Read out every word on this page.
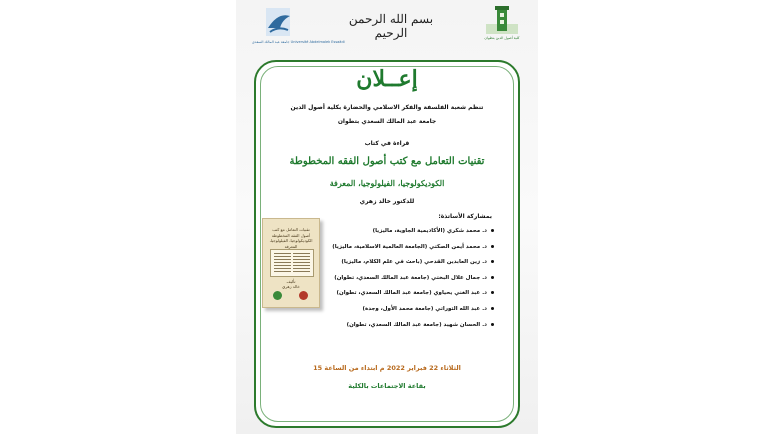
جامعة عبد المالك السعدي Université Abdelmalek Essaâdi
بسم الله الرحمن الرحيم	كلية أصول الدين بتطوان
إعــلان
تنظم شعبة الفلسفة والفكر الاسلامي والحضارة بكلية أصول الدين
جامعة عبد المالك السعدي بتطوان
قراءة في كتاب
تقنيات التعامل مع كتب أصول الفقه المخطوطة
الكوديكولوجيا، الفيلولوجيا، المعرفة
للدكتور خالد زهري
تقنيات التعامل مع كتب أصول الفقه المخطوطة
الكوديكولوجيا، الفيلولوجيا، المعرفة
تأليف
خالد زهري
بمشاركة الأساتذة:
د. محمد شكري (الأكاديمية الجاوية، ماليزيا)
د. محمد أيمن الصكتي (الجامعة العالمية الاسلامية، ماليزيا)
د. زين العابدين القدحي (باحث في علم الكلام، ماليزيا)
د. جمال علال البختي (جامعة عبد المالك السعدي، تطوان)
د. عبد الغني يحياوي (جامعة عبد المالك السعدي، تطوان)
د. عبد الله التوراتي (جامعة محمد الأول، وجدة)
د. الحسان شهيد (جامعة عبد المالك السعدي، تطوان)
الثلاثاء 22 فبراير 2022 م ابتداء من الساعة 15
بقاعة الاجتماعات بالكلية
